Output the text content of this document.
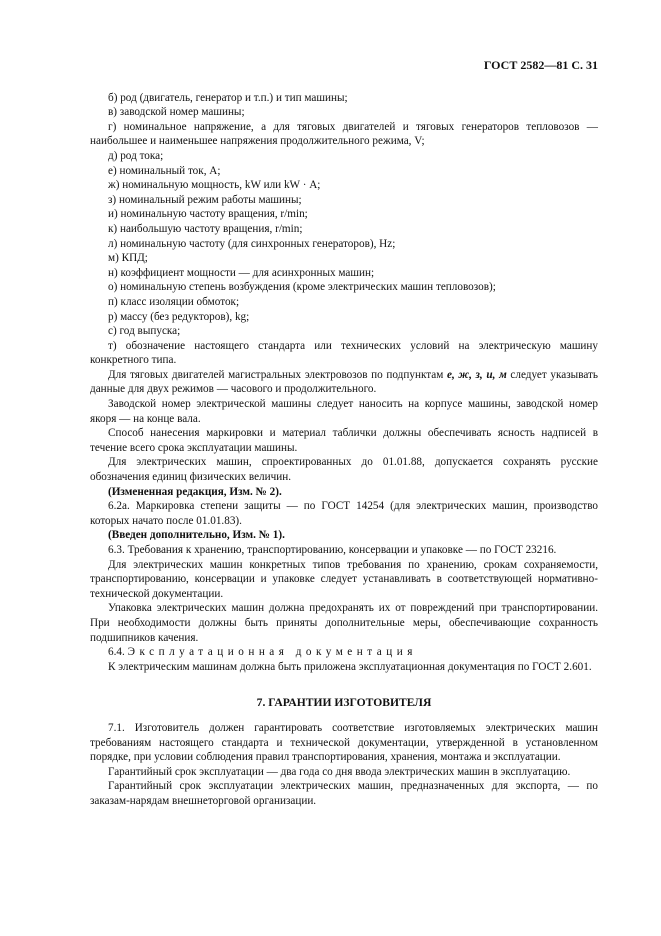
ГОСТ 2582—81 С. 31
б) род (двигатель, генератор и т.п.) и тип машины;
в) заводской номер машины;
г) номинальное напряжение, а для тяговых двигателей и тяговых генераторов тепловозов — наибольшее и наименьшее напряжения продолжительного режима, V;
д) род тока;
е) номинальный ток, А;
ж) номинальную мощность, kW или kW · А;
з) номинальный режим работы машины;
и) номинальную частоту вращения, r/min;
к) наибольшую частоту вращения, r/min;
л) номинальную частоту (для синхронных генераторов), Hz;
м) КПД;
н) коэффициент мощности — для асинхронных машин;
о) номинальную степень возбуждения (кроме электрических машин тепловозов);
п) класс изоляции обмоток;
р) массу (без редукторов), kg;
с) год выпуска;
т) обозначение настоящего стандарта или технических условий на электрическую машину конкретного типа.
Для тяговых двигателей магистральных электровозов по подпунктам е, ж, з, и, м следует указывать данные для двух режимов — часового и продолжительного.
Заводской номер электрической машины следует наносить на корпусе машины, заводской номер якоря — на конце вала.
Способ нанесения маркировки и материал таблички должны обеспечивать ясность надписей в течение всего срока эксплуатации машины.
Для электрических машин, спроектированных до 01.01.88, допускается сохранять русские обозначения единиц физических величин.
(Измененная редакция, Изм. № 2).
6.2а. Маркировка степени защиты — по ГОСТ 14254 (для электрических машин, производство которых начато после 01.01.83).
(Введен дополнительно, Изм. № 1).
6.3. Требования к хранению, транспортированию, консервации и упаковке — по ГОСТ 23216.
Для электрических машин конкретных типов требования по хранению, срокам сохраняемости, транспортированию, консервации и упаковке следует устанавливать в соответствующей нормативно-технической документации.
Упаковка электрических машин должна предохранять их от повреждений при транспортировании. При необходимости должны быть приняты дополнительные меры, обеспечивающие сохранность подшипников качения.
6.4. Эксплуатационная документация
К электрическим машинам должна быть приложена эксплуатационная документация по ГОСТ 2.601.
7. ГАРАНТИИ ИЗГОТОВИТЕЛЯ
7.1. Изготовитель должен гарантировать соответствие изготовляемых электрических машин требованиям настоящего стандарта и технической документации, утвержденной в установленном порядке, при условии соблюдения правил транспортирования, хранения, монтажа и эксплуатации.
Гарантийный срок эксплуатации — два года со дня ввода электрических машин в эксплуатацию.
Гарантийный срок эксплуатации электрических машин, предназначенных для экспорта, — по заказам-нарядам внешнеторговой организации.
